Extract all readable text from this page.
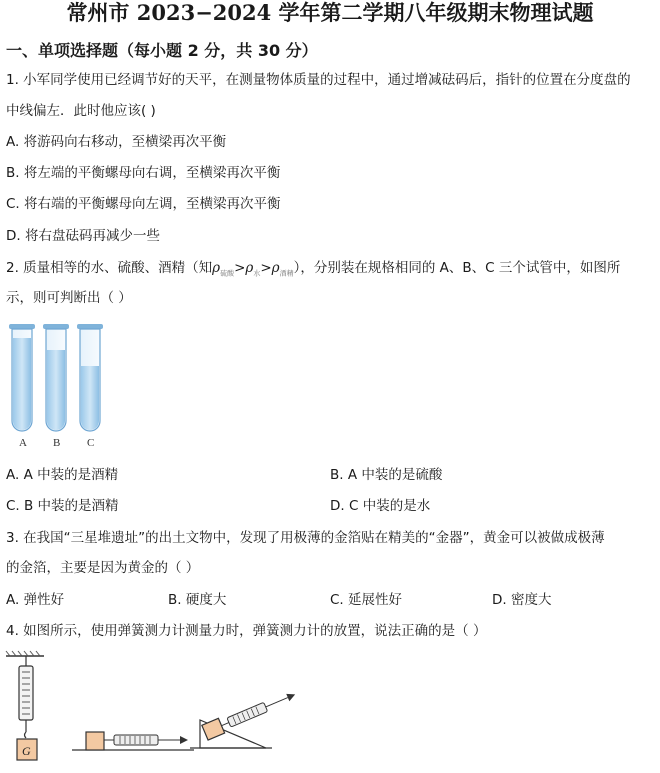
常州市 2023−2024 学年第二学期八年级期末物理试题
一、单项选择题（每小题 2 分，共 30 分）
1. 小军同学使用已经调节好的天平，在测量物体质量的过程中，通过增减砝码后，指针的位置在分度盘的
中线偏左．此时他应该( )
A. 将游码向右移动，至横梁再次平衡
B. 将左端的平衡螺母向右调，至横梁再次平衡
C. 将右端的平衡螺母向左调，至横梁再次平衡
D. 将右盘砝码再减少一些
2. 质量相等的水、硫酸、酒精（知$\rho_{硫酸}>\rho_水>\rho_{酒精}$），分别装在规格相同的 A、B、C 三个试管中，如图所
示，则可判断出（ ）
A B C
A. A 中装的是酒精	B. A 中装的是硫酸
C. B 中装的是酒精	D. C 中装的是水
3. 在我国“三星堆遗址”的出土文物中，发现了用极薄的金箔贴在精美的“金器”，黄金可以被做成极薄
的金箔，主要是因为黄金的（ ）
A. 弹性好	B. 硬度大	C. 延展性好	D. 密度大
4. 如图所示，使用弹簧测力计测量力时，弹簧测力计的放置，说法正确的是（ ）
G
